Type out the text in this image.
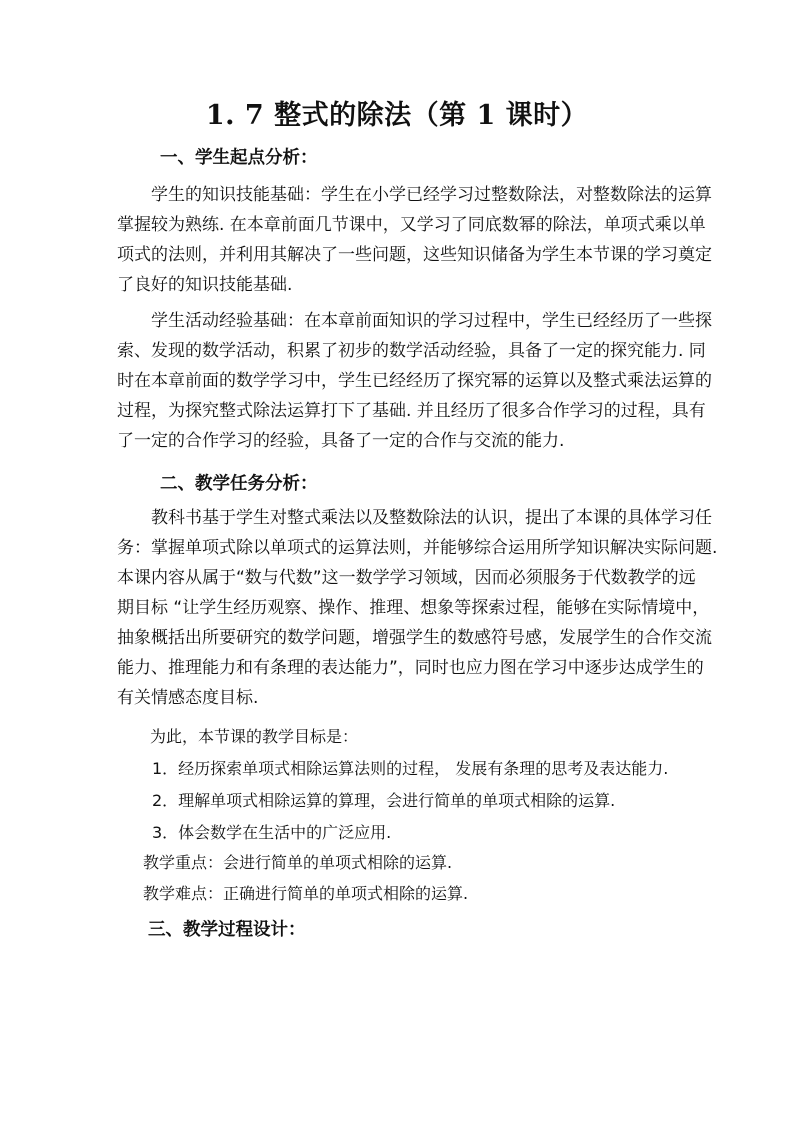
1. 7 整式的除法（第 1 课时）
一、学生起点分析：
学生的知识技能基础：学生在小学已经学习过整数除法，对整数除法的运算
掌握较为熟练. 在本章前面几节课中，又学习了同底数幂的除法，单项式乘以单
项式的法则，并利用其解决了一些问题，这些知识储备为学生本节课的学习奠定
了良好的知识技能基础.
学生活动经验基础：在本章前面知识的学习过程中，学生已经经历了一些探
索、发现的数学活动，积累了初步的数学活动经验，具备了一定的探究能力. 同
时在本章前面的数学学习中，学生已经经历了探究幂的运算以及整式乘法运算的
过程，为探究整式除法运算打下了基础. 并且经历了很多合作学习的过程，具有
了一定的合作学习的经验，具备了一定的合作与交流的能力.
二、教学任务分析：
教科书基于学生对整式乘法以及整数除法的认识，提出了本课的具体学习任
务：掌握单项式除以单项式的运算法则，并能够综合运用所学知识解决实际问题.
本课内容从属于“数与代数”这一数学学习领域，因而必须服务于代数教学的远
期目标 “让学生经历观察、操作、推理、想象等探索过程，能够在实际情境中，
抽象概括出所要研究的数学问题，增强学生的数感符号感，发展学生的合作交流
能力、推理能力和有条理的表达能力”，同时也应力图在学习中逐步达成学生的
有关情感态度目标.
为此，本节课的教学目标是：
1．经历探索单项式相除运算法则的过程， 发展有条理的思考及表达能力.
2．理解单项式相除运算的算理，会进行简单的单项式相除的运算.
3．体会数学在生活中的广泛应用.
教学重点：会进行简单的单项式相除的运算.
教学难点：正确进行简单的单项式相除的运算.
三、教学过程设计：
